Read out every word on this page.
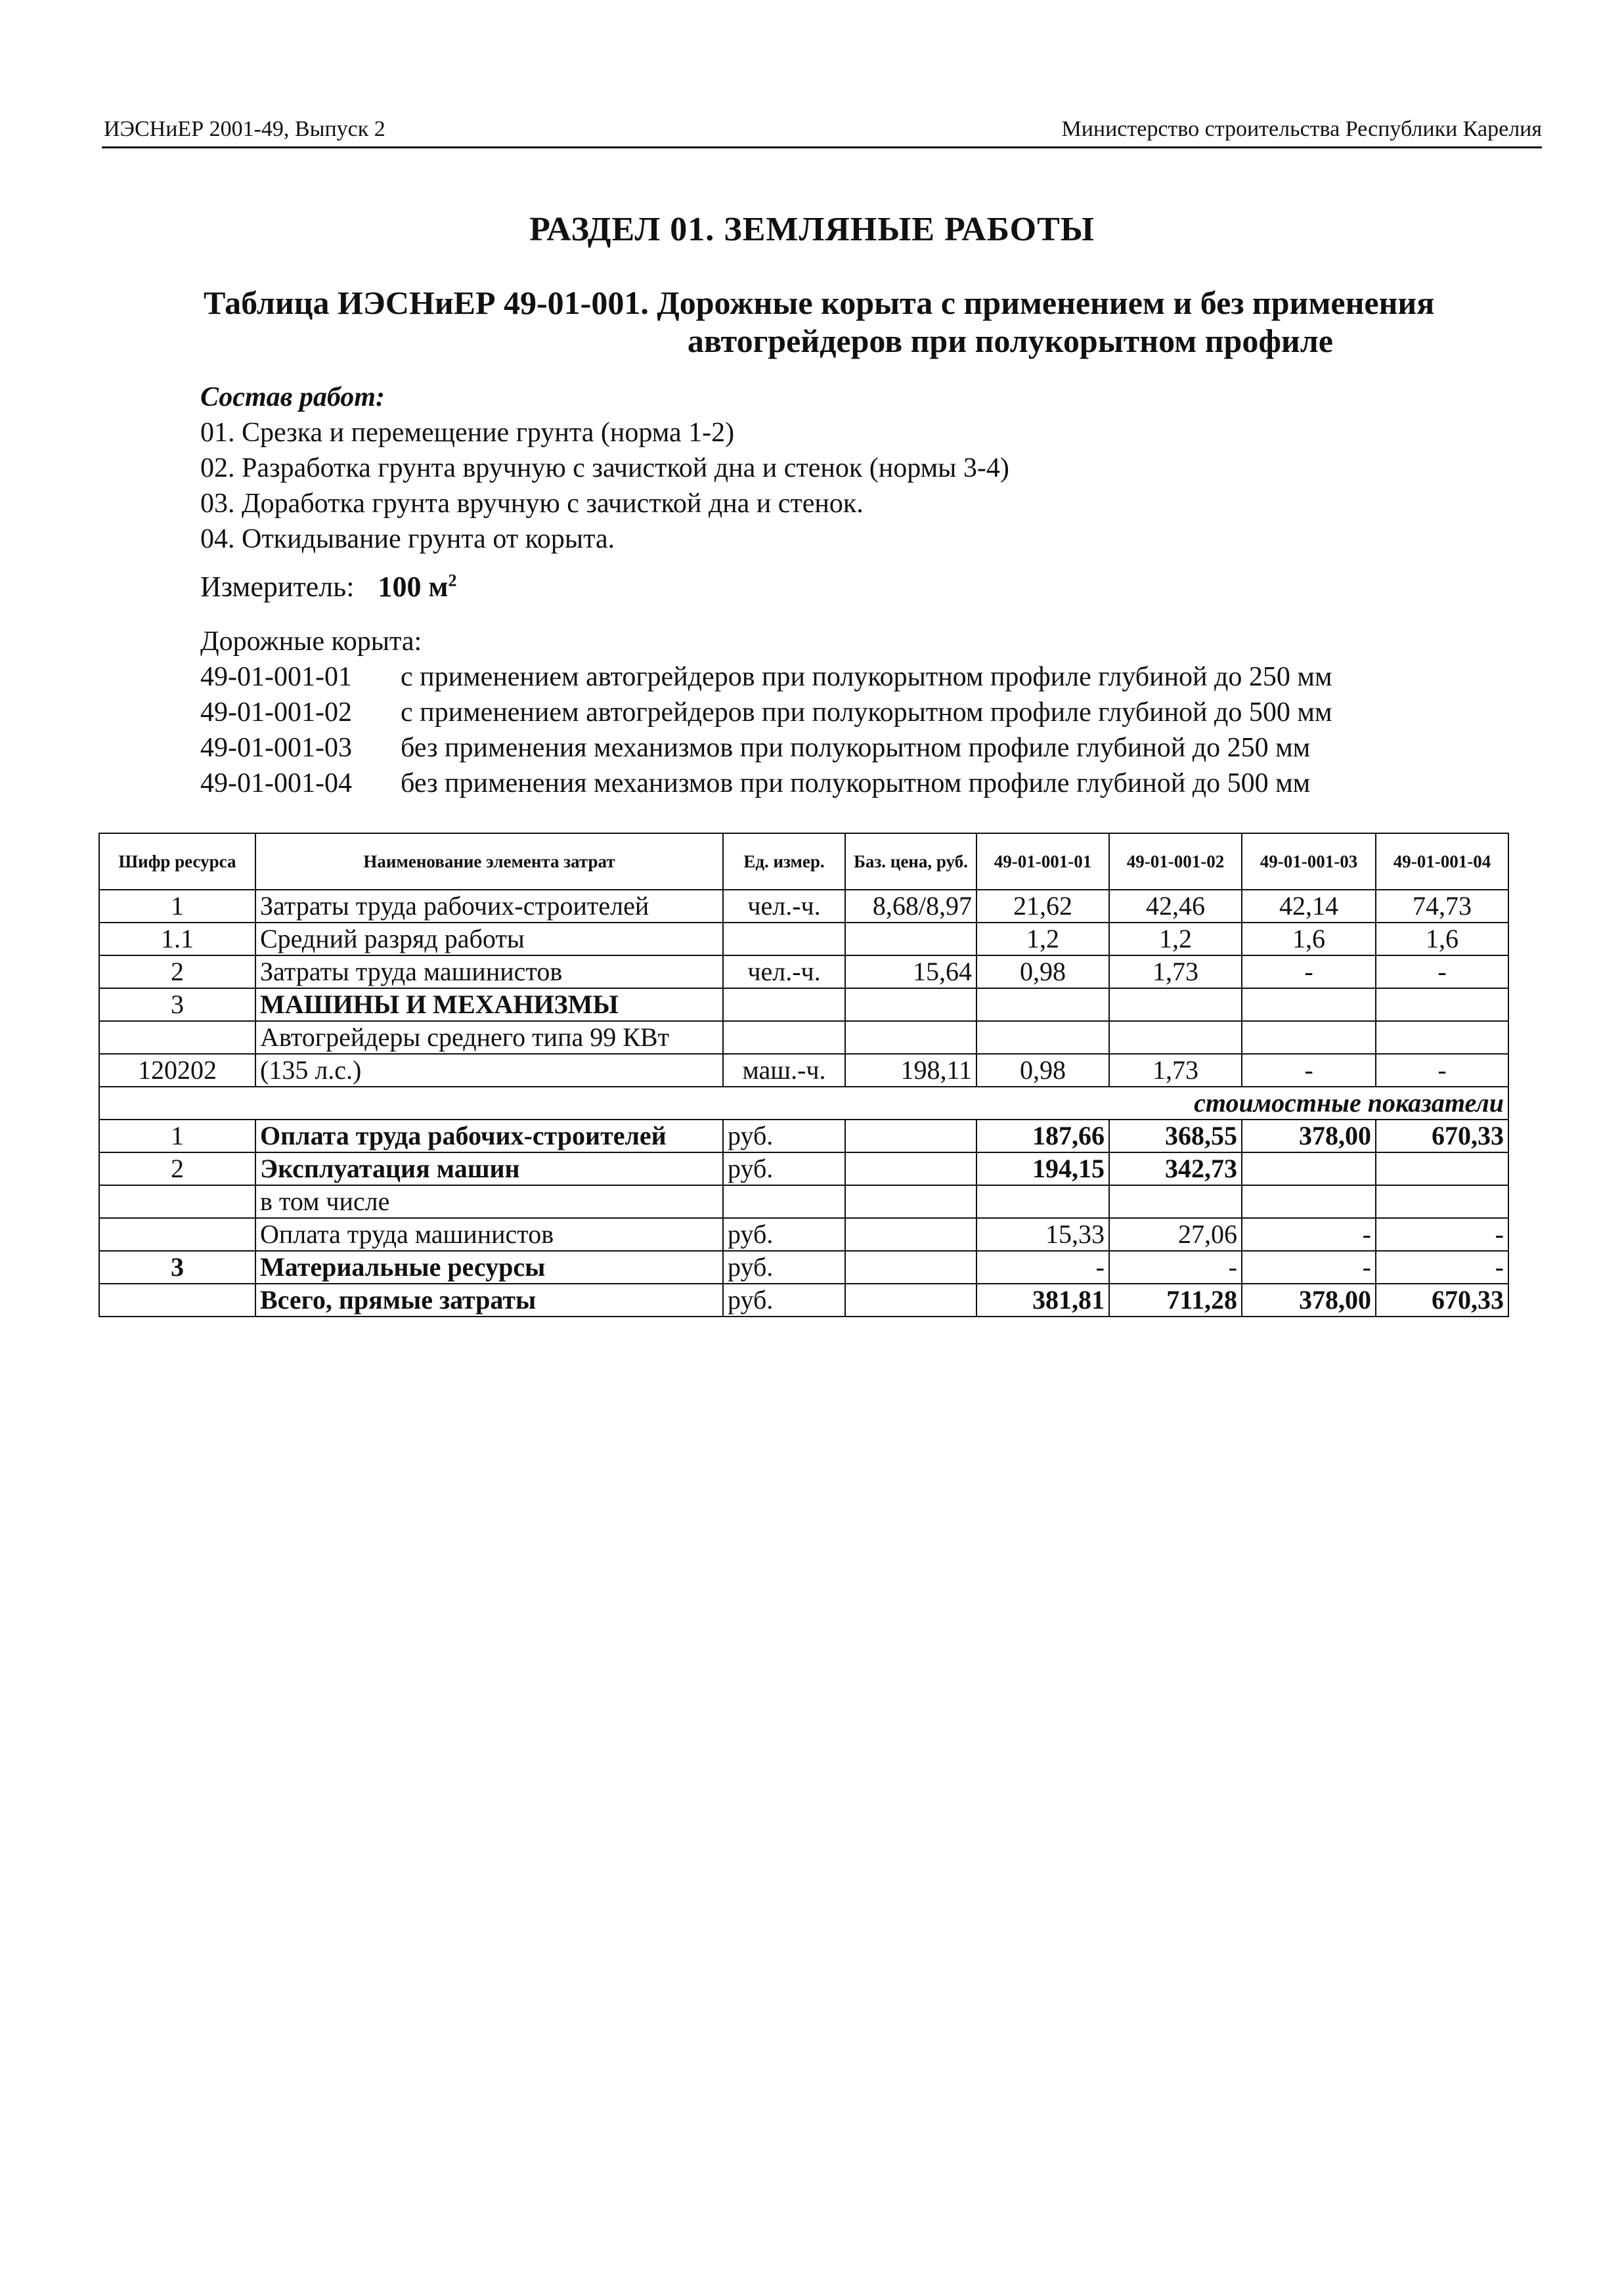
ИЭСНиЕР 2001-49, Выпуск 2	Министерство строительства Республики Карелия
РАЗДЕЛ 01. ЗЕМЛЯНЫЕ РАБОТЫ
Таблица ИЭСНиЕР 49-01-001. Дорожные корыта с применением и без применения
автогрейдеров при полукорытном профиле
Состав работ:
01. Срезка и перемещение грунта (норма 1-2)
02. Разработка грунта вручную с зачисткой дна и стенок (нормы 3-4)
03. Доработка грунта вручную с зачисткой дна и стенок.
04. Откидывание грунта от корыта.
Измеритель: 100 $м^2$
Дорожные корыта:
49-01-001-01 с применением автогрейдеров при полукорытном профиле глубиной до 250 мм
49-01-001-02 с применением автогрейдеров при полукорытном профиле глубиной до 500 мм
49-01-001-03 без применения механизмов при полукорытном профиле глубиной до 250 мм
49-01-001-04 без применения механизмов при полукорытном профиле глубиной до 500 мм
Шифр ресурса	Наименование элемента затрат	Ед. измер.	Баз. цена, руб.	49-01-001-01	49-01-001-02	49-01-001-03	49-01-001-04
1	Затраты труда рабочих-строителей	чел.-ч.	8,68/8,97	21,62	42,46	42,14	74,73
1.1	Средний разряд работы			1,2	1,2	1,6	1,6
2	Затраты труда машинистов	чел.-ч.	15,64	0,98	1,73	-	-
3	МАШИНЫ И МЕХАНИЗМЫ						
	Автогрейдеры среднего типа 99 КВт						
120202	(135 л.с.)	маш.-ч.	198,11	0,98	1,73	-	-
стоимостные показатели							
1	Оплата труда рабочих-строителей	руб.		187,66	368,55	378,00	670,33
2	Эксплуатация машин	руб.		194,15	342,73		
	в том числе						
	Оплата труда машинистов	руб.		15,33	27,06	-	-
3	Материальные ресурсы	руб.		-	-	-	-
	Всего, прямые затраты	руб.		381,81	711,28	378,00	670,33
